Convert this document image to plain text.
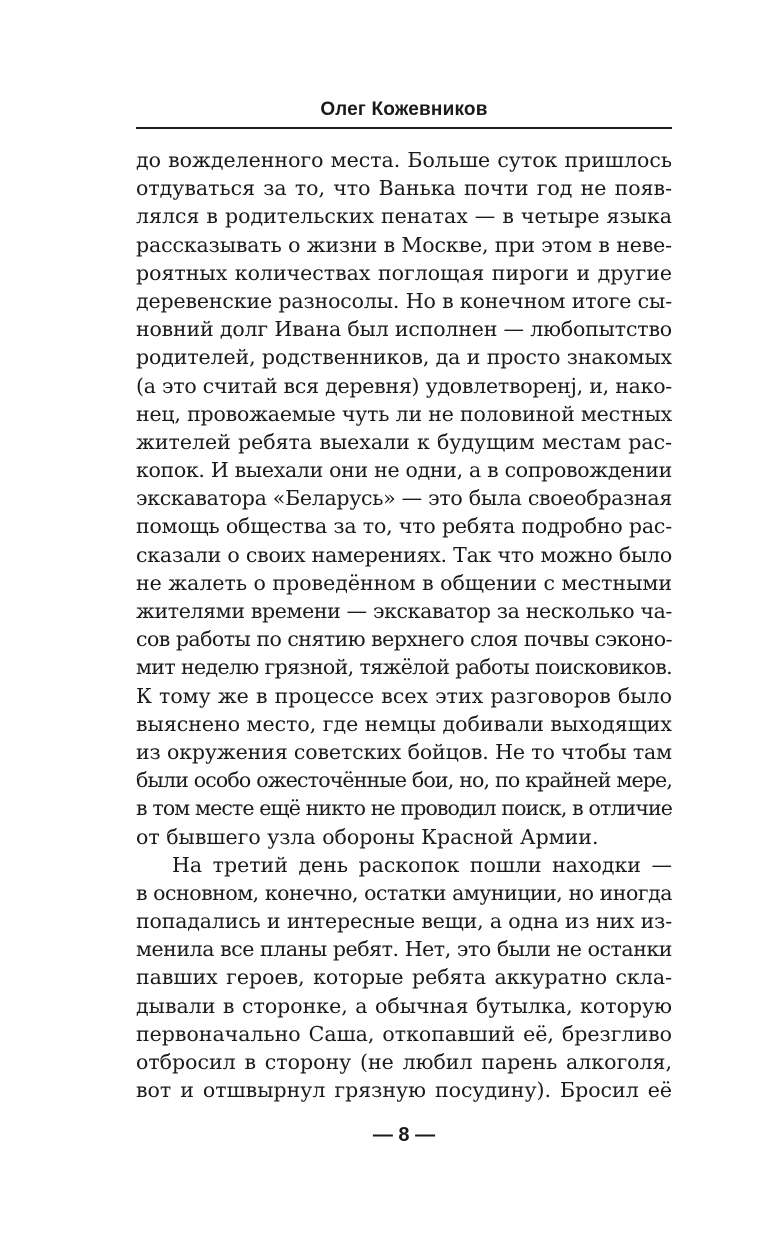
Олег Кожевников
до вожделенного места. Больше суток пришлось
отдуваться за то, что Ванька почти год не появ-
лялся в родительских пенатах — в четыре языка
рассказывать о жизни в Москве, при этом в неве-
роятных количествах поглощая пироги и другие
деревенские разносолы. Но в конечном итоге сы-
новний долг Ивана был исполнен — любопытство
родителей, родственников, да и просто знакомых
(а это считай вся деревня) удовлетворенј, и, нако-
нец, провожаемые чуть ли не половиной местных
жителей ребята выехали к будущим местам рас-
копок. И выехали они не одни, а в сопровождении
экскаватора «Беларусь» — это была своеобразная
помощь общества за то, что ребята подробно рас-
сказали о своих намерениях. Так что можно было
не жалеть о проведённом в общении с местными
жителями времени — экскаватор за несколько ча-
сов работы по снятию верхнего слоя почвы сэконо-
мит неделю грязной, тяжёлой работы поисковиков.
К тому же в процессе всех этих разговоров было
выяснено место, где немцы добивали выходящих
из окружения советских бойцов. Не то чтобы там
были особо ожесточённые бои, но, по крайней мере,
в том месте ещё никто не проводил поиск, в отличие
от бывшего узла обороны Красной Армии.
На третий день раскопок пошли находки —
в основном, конечно, остатки амуниции, но иногда
попадались и интересные вещи, а одна из них из-
менила все планы ребят. Нет, это были не останки
павших героев, которые ребята аккуратно скла-
дывали в сторонке, а обычная бутылка, которую
первоначально Саша, откопавший её, брезгливо
отбросил в сторону (не любил парень алкоголя,
вот и отшвырнул грязную посудину). Бросил её
— 8 —
